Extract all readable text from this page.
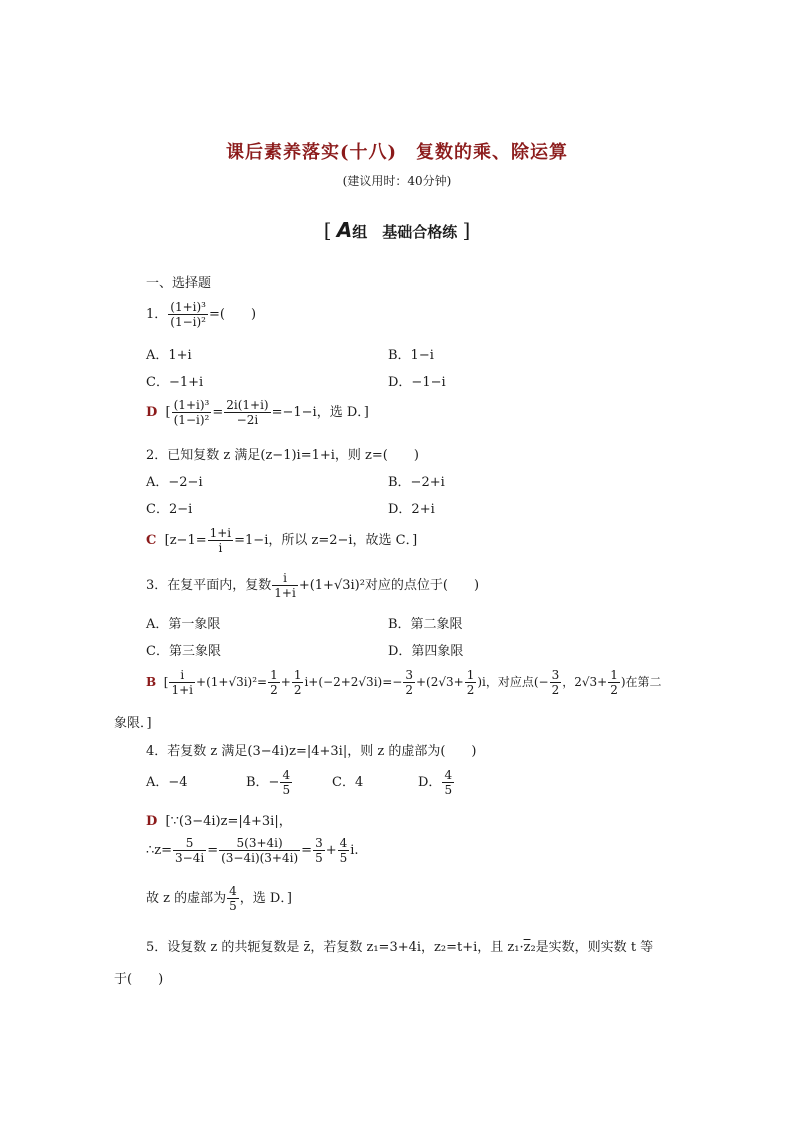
课后素养落实(十八)　复数的乘、除运算
(建议用时：40分钟)
[ A组　基础合格练 ]
一、选择题
1． $\frac{\text{(1+i)³}}{\text{(1−i)²}}$ =(　　)
A．1+i	B．1−i
C．−1+i	D．−1−i
D [ $\frac{\text{(1+i)³}}{\text{(1−i)²}} = \frac{2i(1+i)}{-2i} =-1-i$，选 D．]
2．已知复数 z 满足(z−1)i=1+i，则 z=(　　)
A．−2−i	B．−2+i
C．2−i	D．2+i
C [$z-1= \frac{1+i}{i} =1-i$，所以 z=2−i，故选 C．]
3．在复平面内，复数 $\frac{i}{1+i} +(1+√3i)^2$对应的点位于(　　)
A．第一象限	B．第二象限
C．第三象限	D．第四象限
B [ $\frac{i}{1+i} +(1+√3i)^2= \frac{1}{2} + \frac{1}{2} i+(-2+2√3i)=- \frac{3}{2} +(2√3+ \frac{1}{2} )i$，对应点(− $\frac{3}{2}$ ，$2√3+ \frac{1}{2}$ )在第二
象限．]
4．若复数 z 满足(3−4i)z=|4+3i|，则 z 的虚部为(　　)
A．−4	B．− $\frac{4}{5}$	C．4	D． $\frac{4}{5}$
D [∵(3−4i)z=|4+3i|，
∴z= $\frac{5}{3-4i} = \frac{5(3+4i)}{(3-4i)(3+4i)} = \frac{3}{5} + \frac{4}{5} i$.
故 z 的虚部为 $\frac{4}{5}$ ，选 D．]
5．设复数 z 的共轭复数是 z̄，若复数 z₁=3+4i，z₂=t+i，且 $z_1\cdot\overline{z}_2$是实数，则实数 t 等
于(　　)
